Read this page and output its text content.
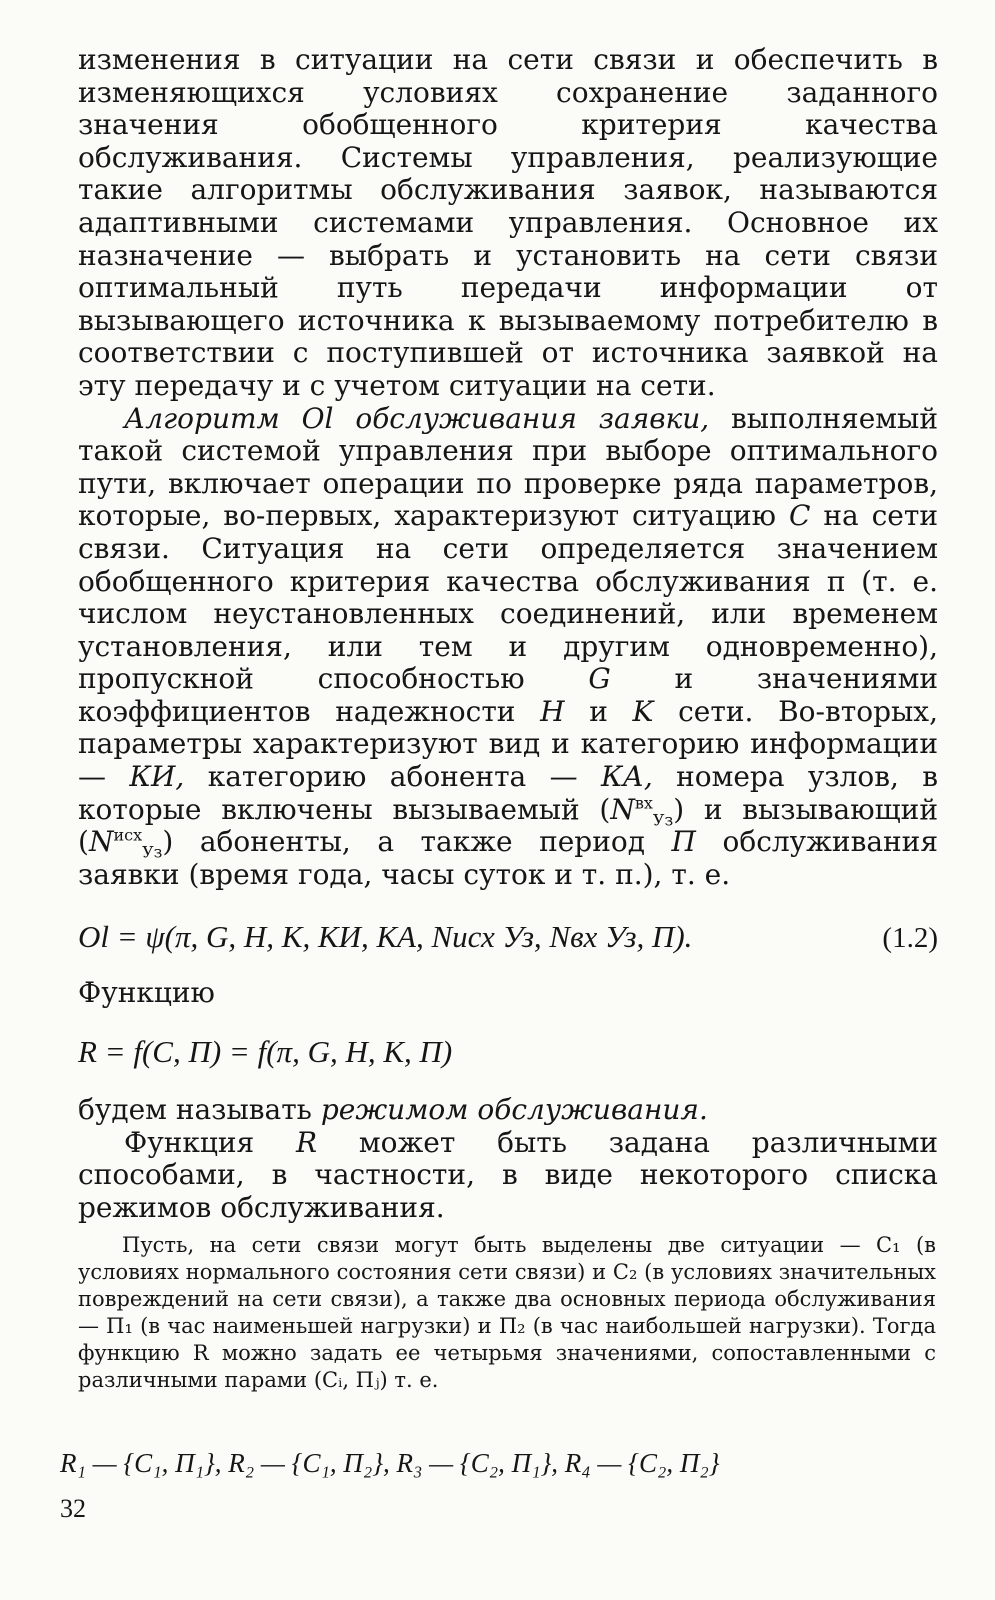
изменения в ситуации на сети связи и обеспечить в изменяющихся условиях сохранение заданного значения обобщенного критерия качества обслуживания. Системы управления, реализующие такие алгоритмы обслуживания заявок, называются адаптивными системами управления. Основное их назначение — выбрать и установить на сети связи оптимальный путь передачи информации от вызывающего источника к вызываемому потребителю в соответствии с поступившей от источника заявкой на эту передачу и с учетом ситуации на сети.

Алгоритм Ol обслуживания заявки, выполняемый такой системой управления при выборе оптимального пути, включает операции по проверке ряда параметров, которые, во-первых, характеризуют ситуацию C на сети связи. Ситуация на сети определяется значением обобщенного критерия качества обслуживания π (т. е. числом неустановленных соединений, или временем установления, или тем и другим одновременно), пропускной способностью G и значениями коэффициентов надежности H и K сети. Во-вторых, параметры характеризуют вид и категорию информации — КИ, категорию абонента — КА, номера узлов, в которые включены вызываемый $(N^{вх}_{Уз})$ и вызывающий $(N^{исх}_{Уз})$ абоненты, а также период П обслуживания заявки (время года, часы суток и т. п.), т. е.

Ol = ψ(π, G, H, K, КИ, КА, Nисх Уз, Nвх Уз, П).	(1.2)

Функцию

R = f(C, П) = f(π, G, H, K, П)

будем называть режимом обслуживания.

Функция R может быть задана различными способами, в частности, в виде некоторого списка режимов обслуживания.

Пусть, на сети связи могут быть выделены две ситуации — C₁ (в условиях нормального состояния сети связи) и C₂ (в условиях значительных повреждений на сети связи), а также два основных периода обслуживания — П₁ (в час наименьшей нагрузки) и П₂ (в час наибольшей нагрузки). Тогда функцию R можно задать ее четырьмя значениями, сопоставленными с различными парами (Cᵢ, Пⱼ) т. е.

R₁ — {C₁, П₁}, R₂ — {C₁, П₂}, R₃ — {C₂, П₁}, R₄ — {C₂, П₂}
32
